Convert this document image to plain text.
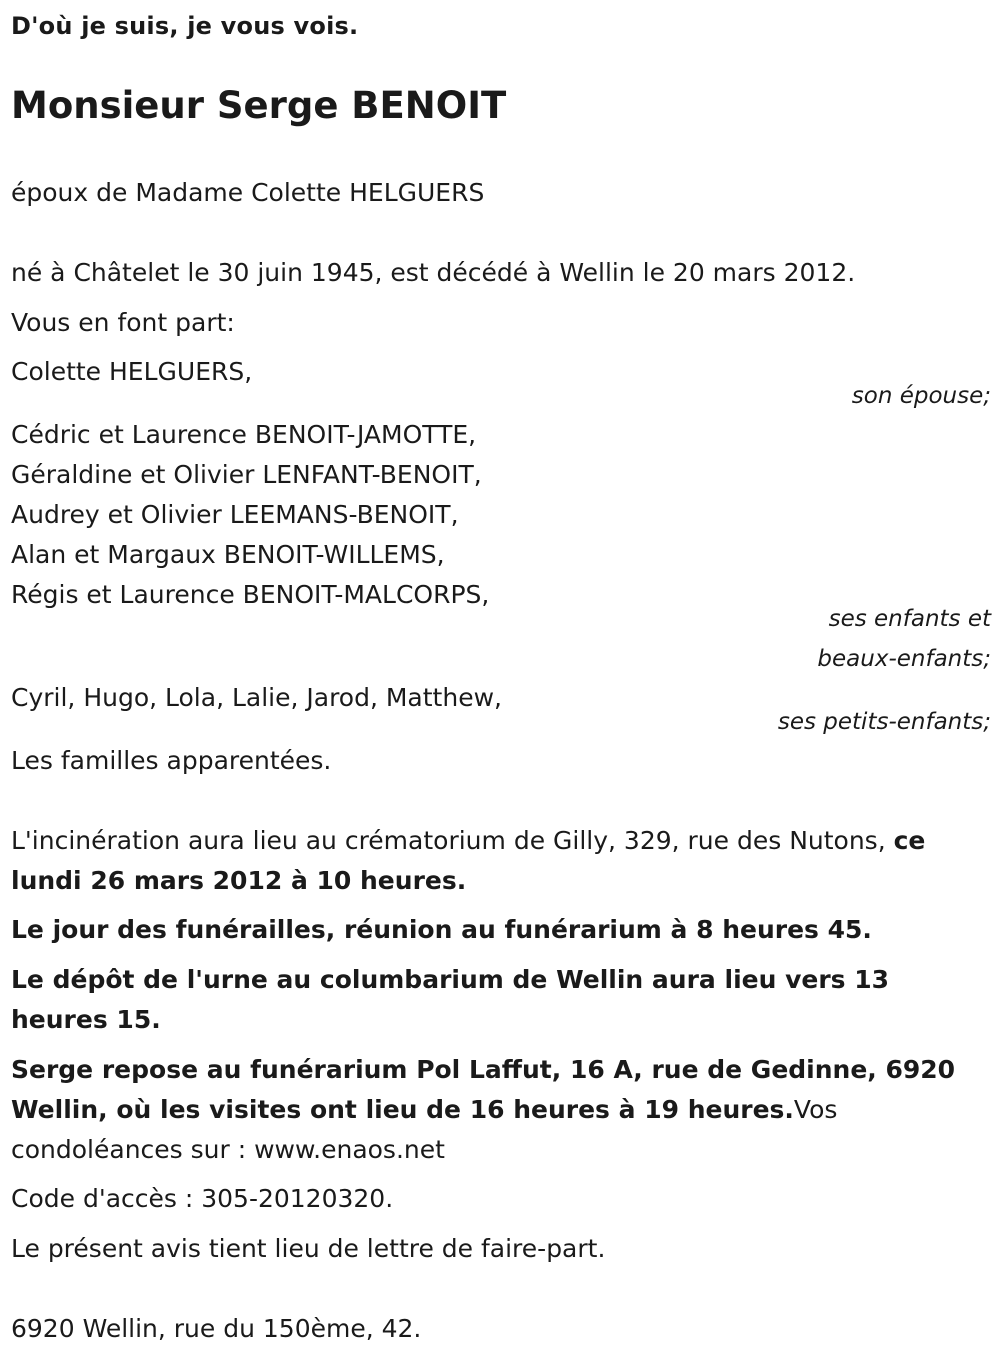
D'où je suis, je vous vois.
Monsieur Serge BENOIT
époux de Madame Colette HELGUERS
né à Châtelet le 30 juin 1945, est décédé à Wellin le 20 mars 2012.
Vous en font part:
Colette HELGUERS,
son épouse;
Cédric et Laurence BENOIT-JAMOTTE,
Géraldine et Olivier LENFANT-BENOIT,
Audrey et Olivier LEEMANS-BENOIT,
Alan et Margaux BENOIT-WILLEMS,
Régis et Laurence BENOIT-MALCORPS,
ses enfants et
beaux-enfants;
Cyril, Hugo, Lola, Lalie, Jarod, Matthew,
ses petits-enfants;
Les familles apparentées.
L'incinération aura lieu au crématorium de Gilly, 329, rue des Nutons, ce lundi 26 mars 2012 à 10 heures.
Le jour des funérailles, réunion au funérarium à 8 heures 45.
Le dépôt de l'urne au columbarium de Wellin aura lieu vers 13 heures 15.
Serge repose au funérarium Pol Laffut, 16 A, rue de Gedinne, 6920 Wellin, où les visites ont lieu de 16 heures à 19 heures.Vos condoléances sur : www.enaos.net
Code d'accès : 305-20120320.
Le présent avis tient lieu de lettre de faire-part.
6920 Wellin, rue du 150ème, 42.
